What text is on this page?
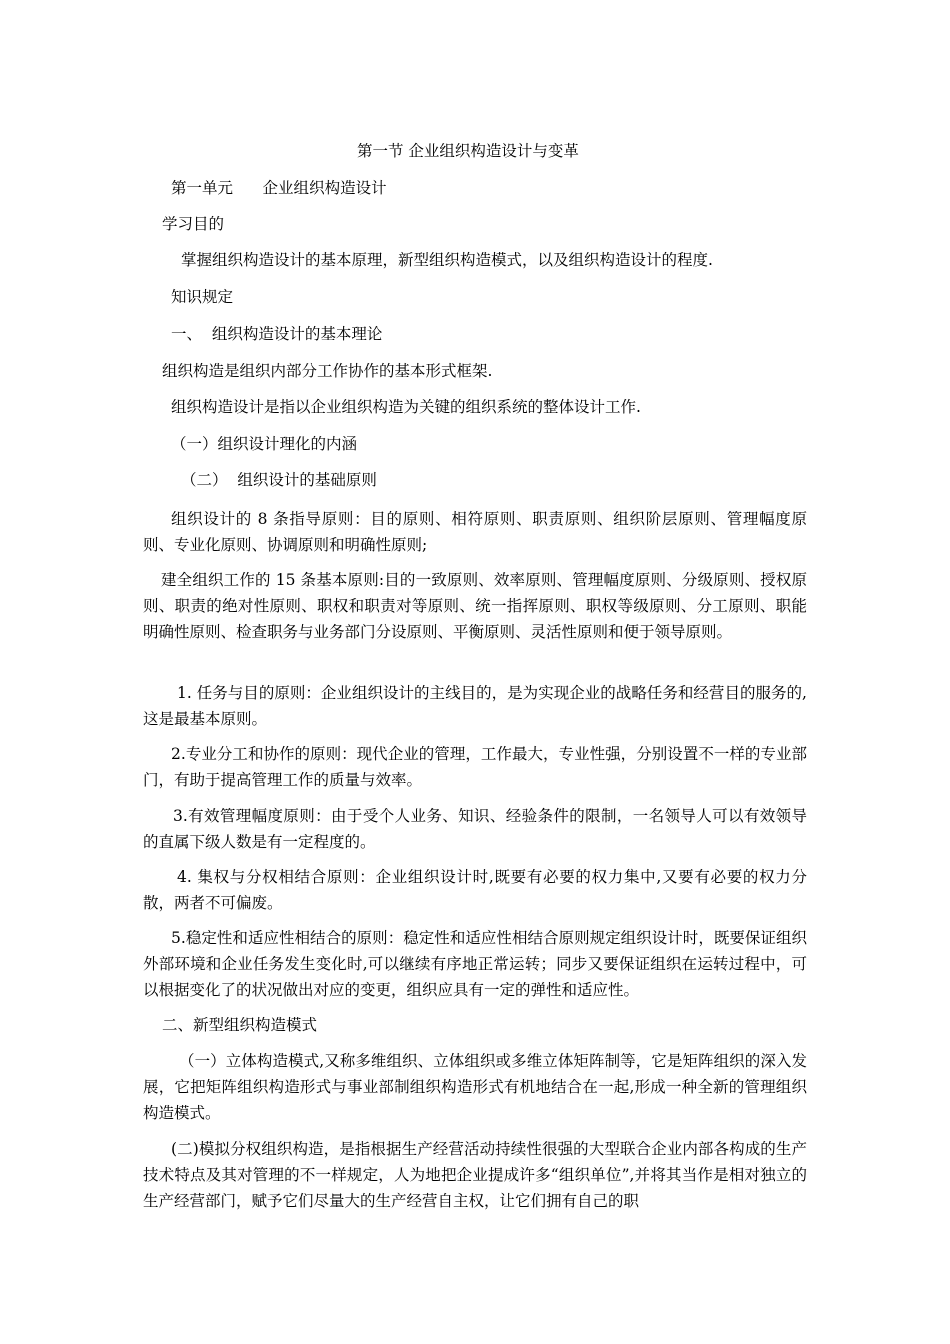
第一节 企业组织构造设计与变革
第一单元      企业组织构造设计
学习目的
掌握组织构造设计的基本原理，新型组织构造模式，以及组织构造设计的程度.
知识规定
一、  组织构造设计的基本理论
组织构造是组织内部分工作协作的基本形式框架.
组织构造设计是指以企业组织构造为关键的组织系统的整体设计工作.
（一）组织设计理化的内涵
（二）  组织设计的基础原则
组织设计的 8 条指导原则：目的原则、相符原则、职责原则、组织阶层原则、管理幅度原则、专业化原则、协调原则和明确性原则;
建全组织工作的 15 条基本原则:目的一致原则、效率原则、管理幅度原则、分级原则、授权原则、职责的绝对性原则、职权和职责对等原则、统一指挥原则、职权等级原则、分工原则、职能明确性原则、检查职务与业务部门分设原则、平衡原则、灵活性原则和便于领导原则。
1. 任务与目的原则：企业组织设计的主线目的，是为实现企业的战略任务和经营目的服务的,这是最基本原则。
2.专业分工和协作的原则：现代企业的管理，工作最大，专业性强，分别设置不一样的专业部门，有助于提高管理工作的质量与效率。
3.有效管理幅度原则：由于受个人业务、知识、经验条件的限制，一名领导人可以有效领导的直属下级人数是有一定程度的。
4. 集权与分权相结合原则：企业组织设计时,既要有必要的权力集中,又要有必要的权力分散，两者不可偏废。
5.稳定性和适应性相结合的原则：稳定性和适应性相结合原则规定组织设计时，既要保证组织外部环境和企业任务发生变化时,可以继续有序地正常运转；同步又要保证组织在运转过程中，可以根据变化了的状况做出对应的变更，组织应具有一定的弹性和适应性。
二、新型组织构造模式
（一）立体构造模式,又称多维组织、立体组织或多维立体矩阵制等，它是矩阵组织的深入发展，它把矩阵组织构造形式与事业部制组织构造形式有机地结合在一起,形成一种全新的管理组织构造模式。
(二)模拟分权组织构造，是指根据生产经营活动持续性很强的大型联合企业内部各构成的生产技术特点及其对管理的不一样规定，人为地把企业提成许多“组织单位”,并将其当作是相对独立的生产经营部门，赋予它们尽量大的生产经营自主权，让它们拥有自己的职
